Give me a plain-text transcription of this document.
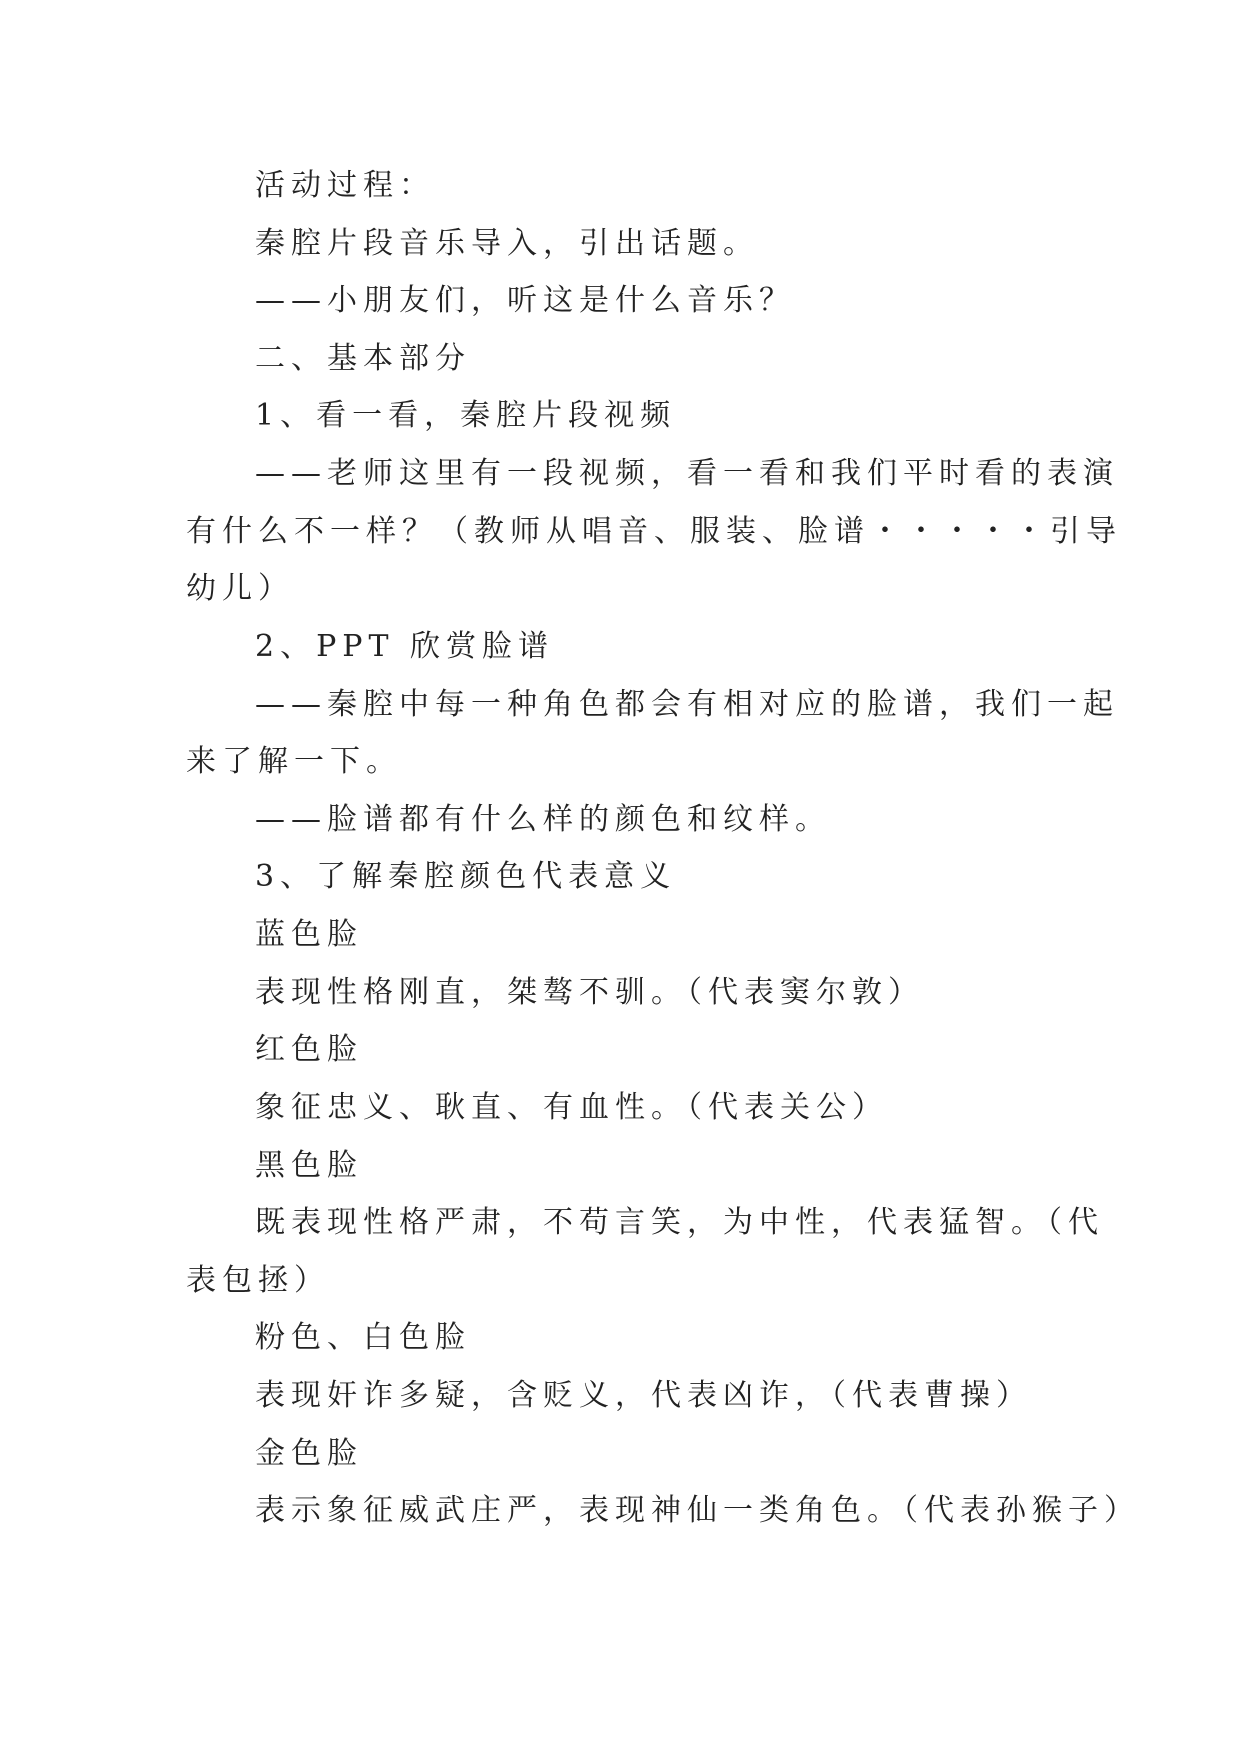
活动过程：
秦腔片段音乐导入，引出话题。
——小朋友们，听这是什么音乐？
二、基本部分
1、看一看，秦腔片段视频
——老师这里有一段视频，看一看和我们平时看的表演
有什么不一样？（教师从唱音、服装、脸谱・・・・・引导
幼儿）
2、PPT 欣赏脸谱
——秦腔中每一种角色都会有相对应的脸谱，我们一起
来了解一下。
——脸谱都有什么样的颜色和纹样。
3、了解秦腔颜色代表意义
蓝色脸
表现性格刚直，桀骜不驯。（代表窦尔敦）
红色脸
象征忠义、耿直、有血性。（代表关公）
黑色脸
既表现性格严肃，不苟言笑，为中性，代表猛智。（代
表包拯）
粉色、白色脸
表现奸诈多疑，含贬义，代表凶诈，（代表曹操）
金色脸
表示象征威武庄严，表现神仙一类角色。（代表孙猴子）
